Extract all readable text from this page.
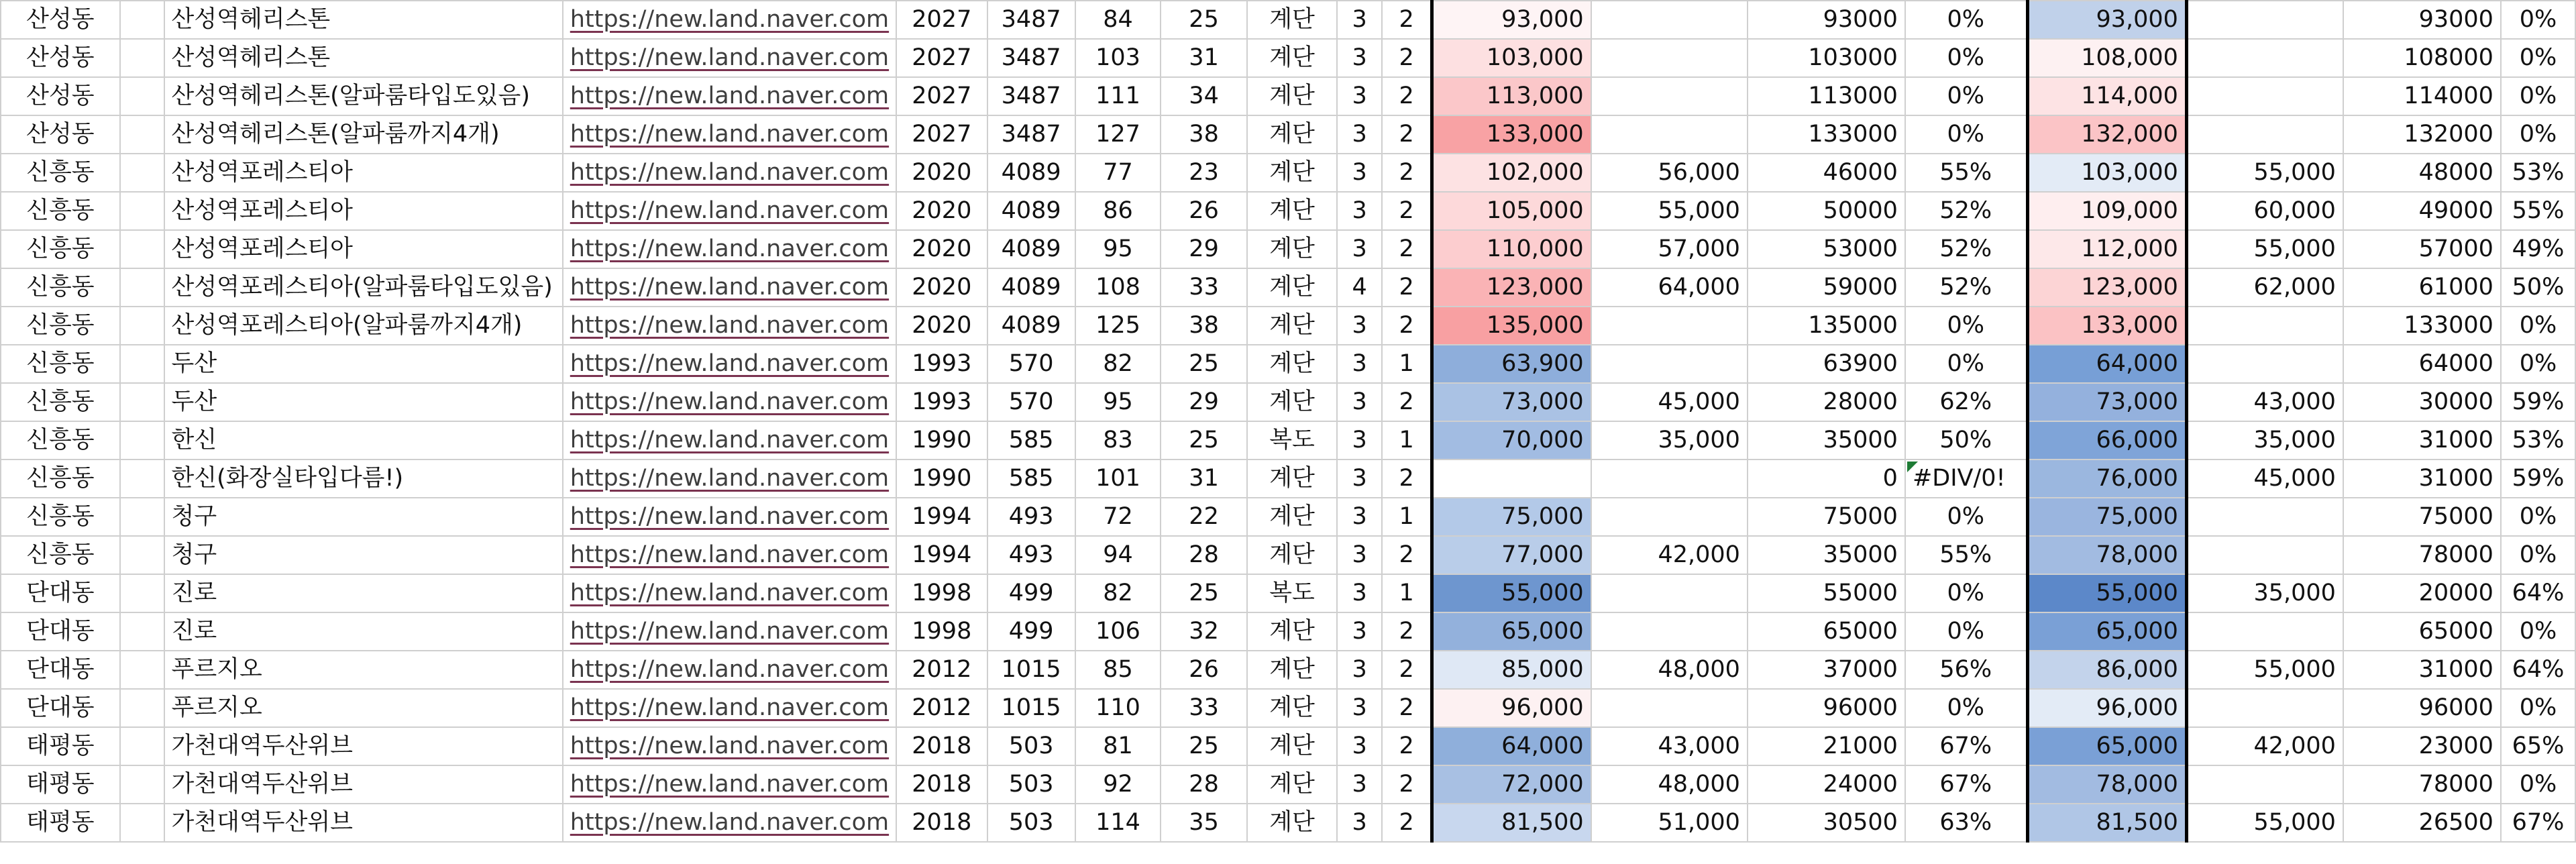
산성동		산성역헤리스톤	https://new.land.naver.com	2027	3487	84	25	계단	3	2	93,000		93000	0%	93,000		93000	0%
산성동		산성역헤리스톤	https://new.land.naver.com	2027	3487	103	31	계단	3	2	103,000		103000	0%	108,000		108000	0%
산성동		산성역헤리스톤(알파룸타입도있음)	https://new.land.naver.com	2027	3487	111	34	계단	3	2	113,000		113000	0%	114,000		114000	0%
산성동		산성역헤리스톤(알파룸까지4개)	https://new.land.naver.com	2027	3487	127	38	계단	3	2	133,000		133000	0%	132,000		132000	0%
신흥동		산성역포레스티아	https://new.land.naver.com	2020	4089	77	23	계단	3	2	102,000	56,000	46000	55%	103,000	55,000	48000	53%
신흥동		산성역포레스티아	https://new.land.naver.com	2020	4089	86	26	계단	3	2	105,000	55,000	50000	52%	109,000	60,000	49000	55%
신흥동		산성역포레스티아	https://new.land.naver.com	2020	4089	95	29	계단	3	2	110,000	57,000	53000	52%	112,000	55,000	57000	49%
신흥동		산성역포레스티아(알파룸타입도있음)	https://new.land.naver.com	2020	4089	108	33	계단	4	2	123,000	64,000	59000	52%	123,000	62,000	61000	50%
신흥동		산성역포레스티아(알파룸까지4개)	https://new.land.naver.com	2020	4089	125	38	계단	3	2	135,000		135000	0%	133,000		133000	0%
신흥동		두산	https://new.land.naver.com	1993	570	82	25	계단	3	1	63,900		63900	0%	64,000		64000	0%
신흥동		두산	https://new.land.naver.com	1993	570	95	29	계단	3	2	73,000	45,000	28000	62%	73,000	43,000	30000	59%
신흥동		한신	https://new.land.naver.com	1990	585	83	25	복도	3	1	70,000	35,000	35000	50%	66,000	35,000	31000	53%
신흥동		한신(화장실타입다름!)	https://new.land.naver.com	1990	585	101	31	계단	3	2			0	#DIV/0!	76,000	45,000	31000	59%
신흥동		청구	https://new.land.naver.com	1994	493	72	22	계단	3	1	75,000		75000	0%	75,000		75000	0%
신흥동		청구	https://new.land.naver.com	1994	493	94	28	계단	3	2	77,000	42,000	35000	55%	78,000		78000	0%
단대동		진로	https://new.land.naver.com	1998	499	82	25	복도	3	1	55,000		55000	0%	55,000	35,000	20000	64%
단대동		진로	https://new.land.naver.com	1998	499	106	32	계단	3	2	65,000		65000	0%	65,000		65000	0%
단대동		푸르지오	https://new.land.naver.com	2012	1015	85	26	계단	3	2	85,000	48,000	37000	56%	86,000	55,000	31000	64%
단대동		푸르지오	https://new.land.naver.com	2012	1015	110	33	계단	3	2	96,000		96000	0%	96,000		96000	0%
태평동		가천대역두산위브	https://new.land.naver.com	2018	503	81	25	계단	3	2	64,000	43,000	21000	67%	65,000	42,000	23000	65%
태평동		가천대역두산위브	https://new.land.naver.com	2018	503	92	28	계단	3	2	72,000	48,000	24000	67%	78,000		78000	0%
태평동		가천대역두산위브	https://new.land.naver.com	2018	503	114	35	계단	3	2	81,500	51,000	30500	63%	81,500	55,000	26500	67%
